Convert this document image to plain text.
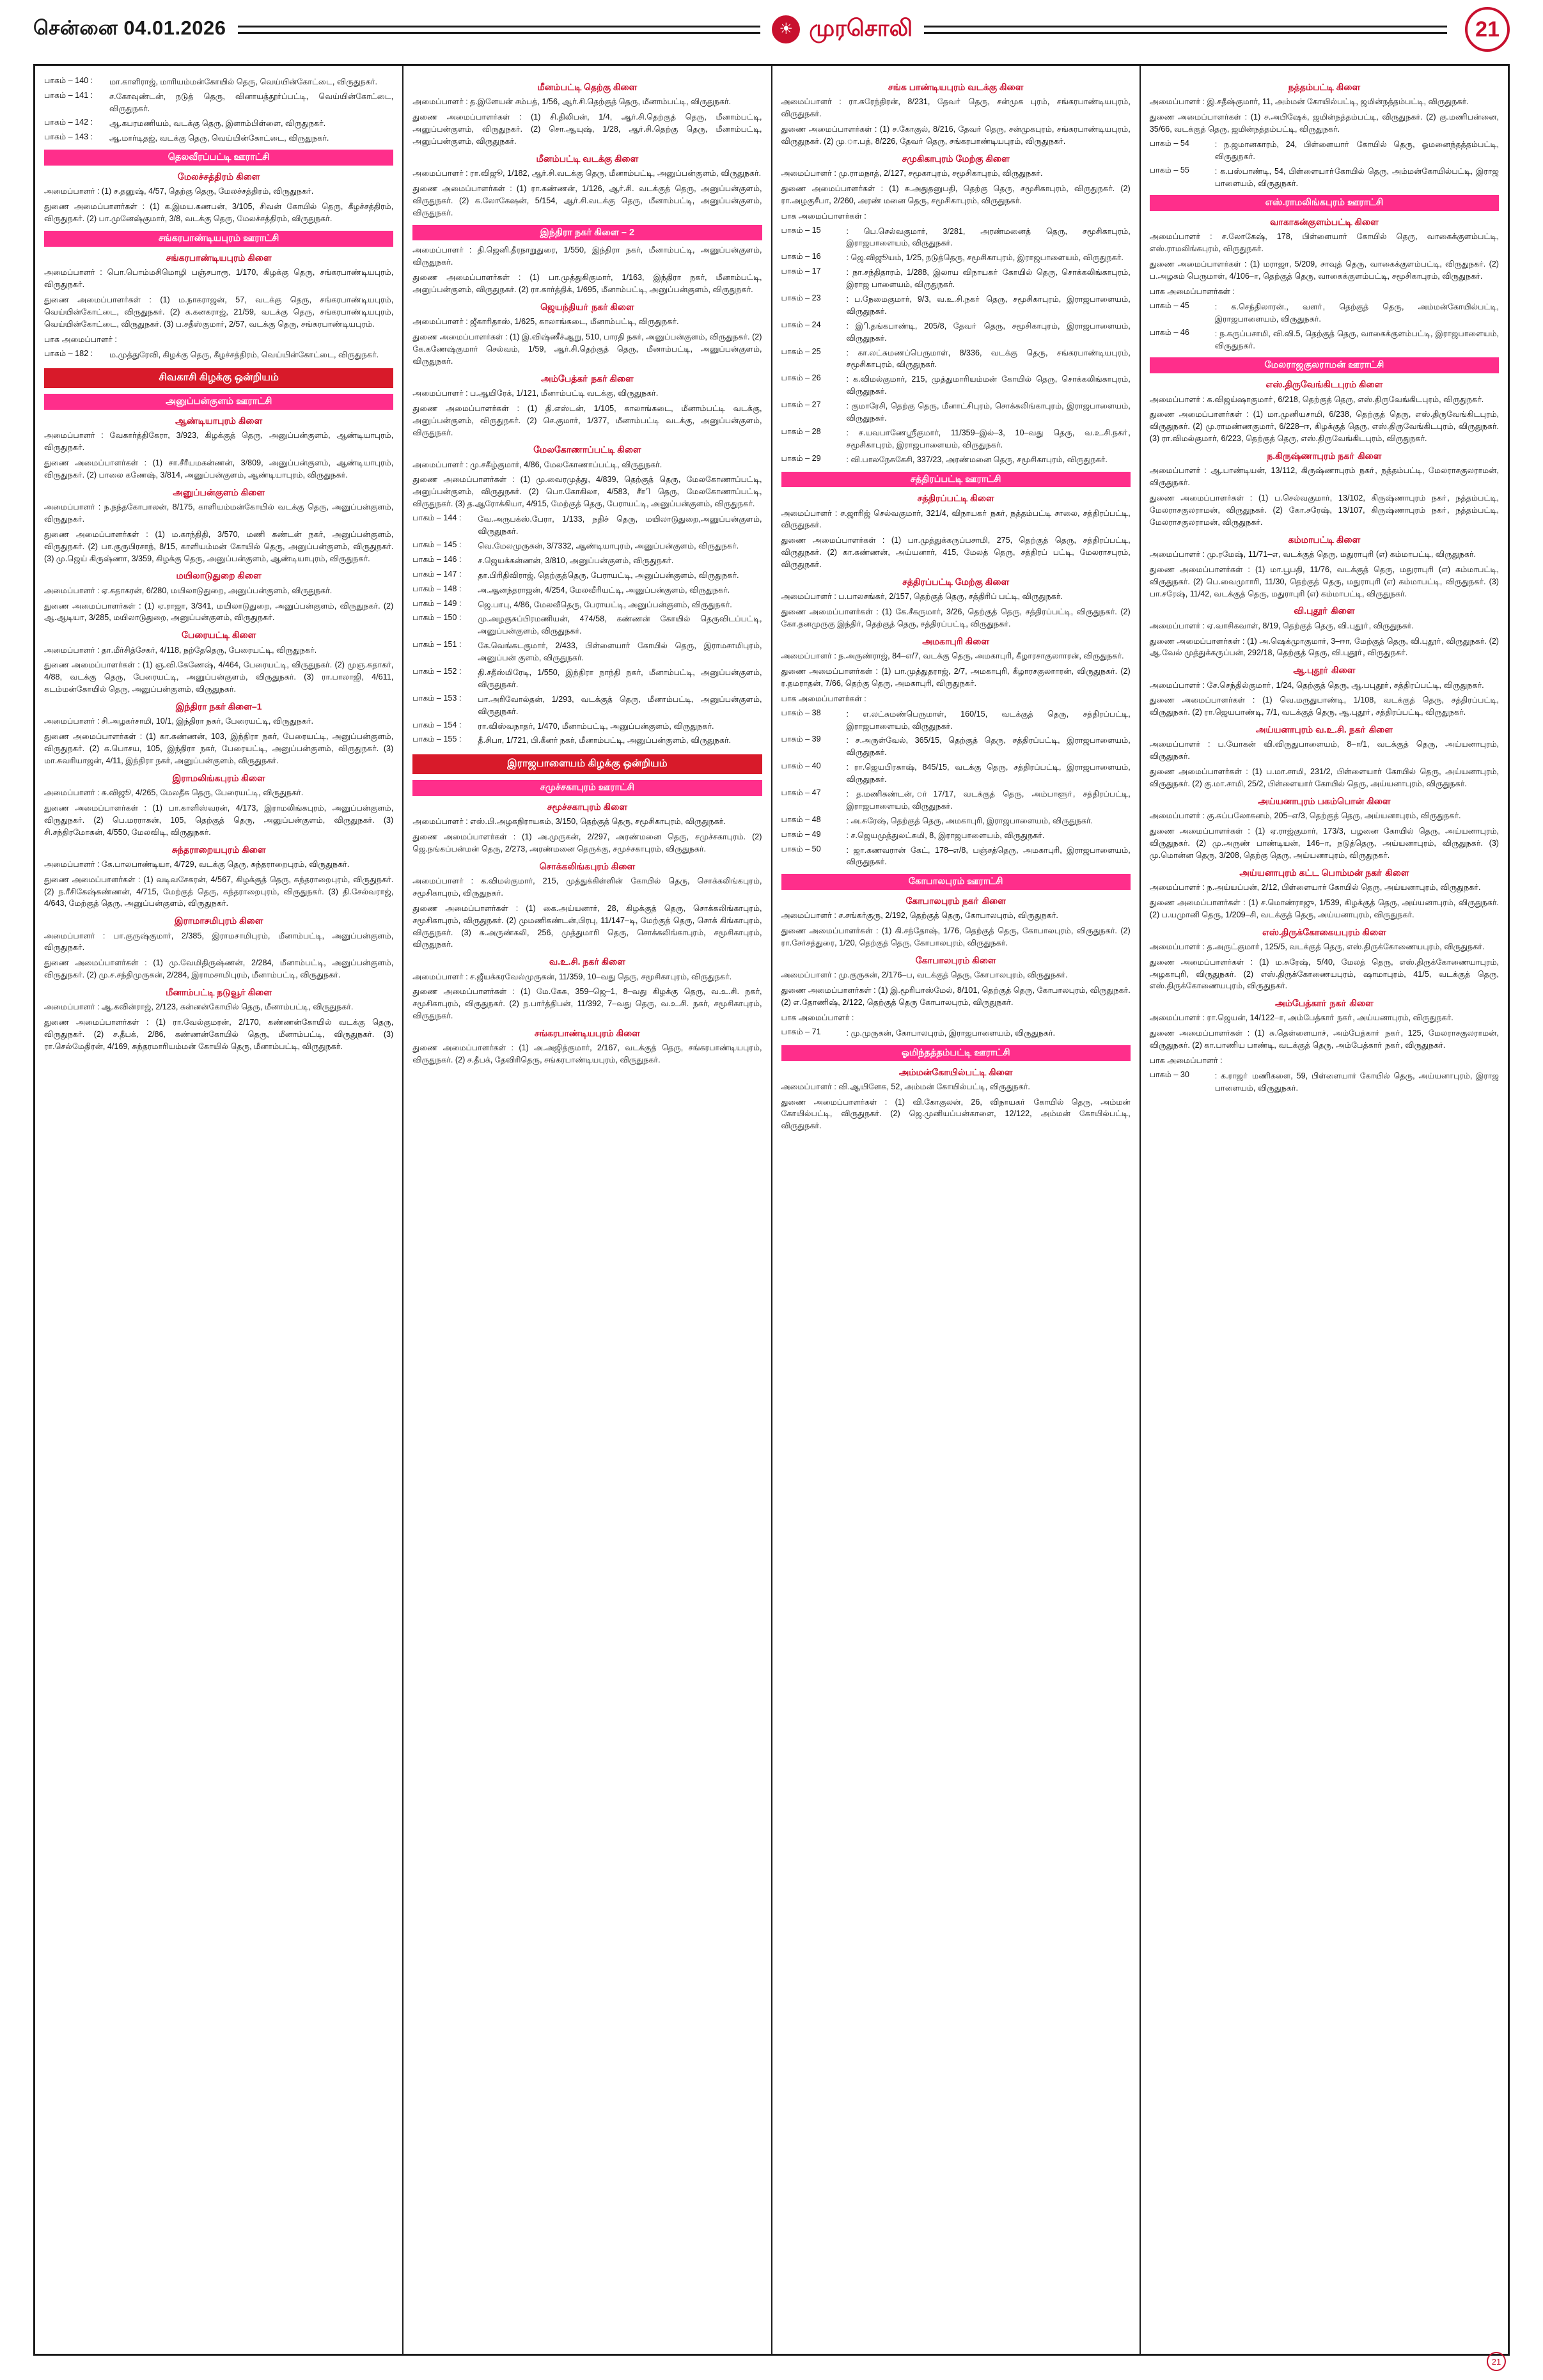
சென்னை 04.01.2026	☀ முரசொலி	21
பாகம் – 140 :	மா.காளிராஜ், மாரியம்மன்கோயில் தெரு, வெய்யின்கோட்டை, விருதுநகர்.
பாகம் – 141 :	ச.கோவுண்டன், நடுத் தெரு, வினாயத்தூர்ப்பட்டி, வெய்யின்கோட்டை, விருதுநகர்.
பாகம் – 142 :	ஆ.கபரமணியம், வடக்கு தெரு, இளாம்பிள்ளை, விருதுநகர்.
பாகம் – 143 :	ஆ.மார்டிதஜ், வடக்கு தெரு, வெய்யின்கோட்டை, விருதுநகர்.
தெலவீரப்பட்டி ஊராட்சி
மேலச்சத்திரம் கிளை
அமைப்பாளர் : (1) ச.தனுஷ், 4/57, தெற்கு தெரு, மேலச்சத்திரம், விருதுநகர்.
துணை அமைப்பாளர்கள் : (1) க.இமய.கணபன், 3/105, சிவன் கோயில் தெரு, கீழச்சத்திரம், விருதுநகர். (2) பா.முனேஷ்குமார், 3/8, வடக்கு தெரு, மேலச்சத்திரம், விருதுநகர்.
சங்கரபாண்டியபுரம் ஊராட்சி
சங்கரபாண்டியபுரம் கிளை
அமைப்பாளர் : பொ.பொம்மசிமொழி பஞ்சபாரூ, 1/170, கிழக்கு தெரு, சங்கரபாண்டியபுரம், விருதுநகர்.
துணை அமைப்பாளர்கள் : (1) ம.நாகராஜன், 57, வடக்கு தெரு, சங்கரபாண்டியபுரம், வெய்யின்கோட்டை, விருதுநகர். (2) க.கனகராஜ், 21/59, வடக்கு தெரு, சங்கரபாண்டியபுரம், வெய்யின்கோட்டை, விருதுநகர். (3) ப.சதீஸ்குமார், 2/57, வடக்கு தெரு, சங்கரபாண்டியபுரம்.
பாக அமைப்பாளர் :
பாகம் – 182 :	ம.முத்துரேவி, கிழக்கு தெரு, கீழச்சத்திரம், வெய்யின்கோட்டை, விருதுநகர்.
சிவகாசி கிழக்கு ஒன்றியம்
அனுப்பன்குளம் ஊராட்சி
ஆண்டியாபுரம் கிளை
அமைப்பாளர் : வேகார்த்திகேரா, 3/923, கிழக்குத் தெரு, அனுப்பன்குளம், ஆண்டியாபுரம், விருதுநகர்.
துணை அமைப்பாளர்கள் : (1) சா.சீரீயமகன்ணன், 3/809, அனுப்பன்குளம், ஆண்டியாபுரம், விருதுநகர். (2) பாலை கணேஷ், 3/814, அனுப்பன்குளம், ஆண்டியாபுரம், விருதுநகர்.
அனுப்பன்குளம் கிளை
அமைப்பாளர் : ந.நந்தகோபாலன், 8/175, காளியம்மன்கோயில் வடக்கு தெரு, அனுப்பன்குளம், விருதுநகர்.
துணை அமைப்பாளர்கள் : (1) ம.காந்திதி, 3/570, மணி கண்டன் நகர், அனுப்பன்குளம், விருதுநகர். (2) பா.குருபிரசாந், 8/15, காளியம்மன் கோயில் தெரு, அனுப்பன்குளம், விருதுநகர். (3) மு.ஜெய் கிருஷ்ணா, 3/359, கிழக்கு தெரு, அனுப்பன்குளம், ஆண்டியாபுரம், விருதுநகர்.
மயிலாடுதுறை கிளை
அமைப்பாளர் : ஏ.கதாகரன், 6/280, மயிலாடுதுறை, அனுப்பன்குளம், விருதுநகர்.
துணை அமைப்பாளர்கள் : (1) ஏ.ராஜா, 3/341, மயிலாடுதுறை, அனுப்பன்குளம், விருதுநகர். (2) ஆ.ஆடியா, 3/285, மயிலாடுதுறை, அனுப்பன்குளம், விருதுநகர்.
பேரையட்டி கிளை
அமைப்பாளர் : தா.மீர்சித்சேகர், 4/118, நற்தேதெரு, பேரையட்டி, விருதுநகர்.
துணை அமைப்பாளர்கள் : (1) ஞ.வி.கேணேஷ், 4/464, பேரையட்டி, விருதுநகர். (2) முஞ.கதாகர், 4/88, வடக்கு தெரு, பேரையட்டி, அனுப்பன்குளம், விருதுநகர். (3) ரா.பாலாஜி, 4/611, கடம்மன்கோயில் தெரு, அனுப்பன்குளம், விருதுநகர்.
இந்திரா நகர் கிளை–1
அமைப்பாளர் : சி.அழகர்சாமி, 10/1, இந்திரா நகர், பேரையட்டி, விருதுநகர்.
துணை அமைப்பாளர்கள் : (1) கா.கண்ணன், 103, இந்திரா நகர், பேரையட்டி, அனுப்பன்குளம், விருதுநகர். (2) க.பொசய, 105, இந்திரா நகர், பேரையட்டி, அனுப்பன்குளம், விருதுநகர். (3) மா.சுவரியாஜன், 4/11, இந்திரா நகர், அனுப்பன்குளம், விருதுநகர்.
இராமலிங்கபுரம் கிளை
அமைப்பாளர் : சு.விஜூ, 4/265, மேலதீசு தெரு, பேரையட்டி, விருதுநகர்.
துணை அமைப்பாளர்கள் : (1) பா.காளிஸ்வரன், 4/173, இராமலிங்கபுரம், அனுப்பன்குளம், விருதுநகர். (2) பெ.மரராகன், 105, தெற்குத் தெரு, அனுப்பன்குளம், விருதுநகர். (3) சி.சந்திரமோகன், 4/550, மேலவிடி, விருதுநகர்.
சுந்தராறையபுரம் கிளை
அமைப்பாளர் : கே.பாலபாண்டியா, 4/729, வடக்கு தெரு, சுந்தராறைபுரம், விருதுநகர்.
துணை அமைப்பாளர்கள் : (1) வடிவசேகரன், 4/567, கிழக்குத் தெரு, சுந்தராறைபுரம், விருதுநகர். (2) ந.ரீசிகேஷ்கண்ணன், 4/715, மேற்குத் தெரு, சுந்தராறைபுரம், விருதுநகர். (3) தி.சேல்வராஜ், 4/643, மேற்குத் தெரு, அனுப்பன்குளம், விருதுநகர்.
இராமாசமிபுரம் கிளை
அமைப்பாளர் : பா.குருஷ்குமார், 2/385, இராமசாமிபுரம், மீனாம்பட்டி, அனுப்பன்குளம், விருதுநகர்.
துணை அமைப்பாளர்கள் : (1) மு.வேமிதிருஷ்ணன், 2/284, மீனாம்பட்டி, அனுப்பன்குளம், விருதுநகர். (2) மு.ச.சந்திமுருகன், 2/284, இராமசாமிபுரம், மீனாம்பட்டி, விருதுநகர்.
மீனாம்பட்டி நடுவூர் கிளை
அமைப்பாளர் : ஆ.கவின்ராஜ், 2/123, கன்னன்கோயில் தெரு, மீனாம்பட்டி, விருதுநகர்.
துணை அமைப்பாளர்கள் : (1) ரா.வேல்குமரன், 2/170, கண்ணன்கோயில் வடக்கு தெரு, விருதுநகர். (2) ச.தீபக், 2/86, கண்ணன்கோயில் தெரு, மீனாம்பட்டி, விருதுநகர். (3) ரா.செல்மேதிரன், 4/169, சுந்தரமாரியம்மன் கோயில் தெரு, மீனாம்பட்டி, விருதுநகர்.
மீனம்பட்டி தெற்கு கிளை
அமைப்பாளர் : த.இளேயன் சம்பத், 1/56, ஆர்.சி.தெற்குத் தெரு, மீனாம்பட்டி, விருதுநகர்.
துணை அமைப்பாளர்கள் : (1) சி.திலிபன், 1/4, ஆர்.சி.தெற்குத் தெரு, மீனாம்பட்டி, அனுப்பன்குளம், விருதுநகர். (2) சொ.ஆயுஷ், 1/28, ஆர்.சி.தெற்கு தெரு, மீனாம்பட்டி, அனுப்பன்குளம், விருதுநகர்.
மீனம்பட்டி வடக்கு கிளை
அமைப்பாளர் : ரா.விஜூ, 1/182, ஆர்.சி.வடக்கு தெரு, மீனாம்பட்டி, அனுப்பன்குளம், விருதுநகர்.
துணை அமைப்பாளர்கள் : (1) ரா.கண்ணன், 1/126, ஆர்.சி. வடக்குத் தெரு, அனுப்பன்குளம், விருதுநகர். (2) க.லோகேஷன், 5/154, ஆர்.சி.வடக்கு தெரு, மீனாம்பட்டி, அனுப்பன்குளம், விருதுநகர்.
இந்திரா நகர் கிளை – 2
அமைப்பாளர் : தி.ஜெனி.தீரநாறுதுரை, 1/550, இந்திரா நகர், மீனாம்பட்டி, அனுப்பன்குளம், விருதுநகர்.
துணை அமைப்பாளர்கள் : (1) பா.முத்துகிகுமார், 1/163, இந்திரா நகர், மீனாம்பட்டி, அனுப்பன்குளம், விருதுநகர். (2) ரா.கார்த்திக், 1/695, மீனாம்பட்டி, அனுப்பன்குளம், விருதுநகர்.
ஜெயந்தியா் நகர் கிளை
அமைப்பாளர் : ஜீகாரிதாஸ், 1/625, காலாங்கடை, மீனாம்பட்டி, விருதுநகர்.
துணை அமைப்பாளர்கள் : (1) இ.விஷ்ணீச்ஆறு, 510, பாரதி நகர், அனுப்பன்குளம், விருதுநகர். (2) கே.கணேஷ்குமார் செல்வம், 1/59, ஆர்.சி.தெற்குத் தெரு, மீனாம்பட்டி, அனுப்பன்குளம், விருதுநகர்.
அம்பேத்கா் நகர் கிளை
அமைப்பாளர் : ப.ஆயிரேக், 1/121, மீனாம்பட்டி வடக்கு, விருதுநகர்.
துணை அமைப்பாளர்கள் : (1) தி.எஸ்டன், 1/105, காலாங்கடை, மீனாம்பட்டி வடக்கு, அனுப்பன்குளம், விருதுநகர். (2) செ.குமார், 1/377, மீனாம்பட்டி வடக்கு, அனுப்பன்குளம், விருதுநகர்.
மேலகோணாப்பட்டி கிளை
அமைப்பாளர் : மு.சகீழ்குமார், 4/86, மேலகோணாப்பட்டி, விருதுநகர்.
துணை அமைப்பாளர்கள் : (1) மு.வைரமுத்து, 4/839, தெற்குத் தெரு, மேலகோணாப்பட்டி, அனுப்பன்குளம், விருதுநகர். (2) பொ.கோகிலா, 4/583, சாிீ தெரு, மேலகோணாப்பட்டி, விருதுநகர். (3) த.ஆரோக்கியா, 4/915, மேற்குத் தெரு, பேராயட்டி, அனுப்பன்குளம், விருதுநகர்.
பாகம் – 144 :	வே.அருபக்ஸ்.பேரா, 1/133, நதிச் தெரு, மயிலாடுதுறை,அனுப்பன்குளம், விருதுநகர்.
பாகம் – 145 :	வெ.மேலமுருகன், 3/7332, ஆண்டியாபுரம், அனுப்பன்குளம், விருதுநகர்.
பாகம் – 146 :	ச.ஜெயக்கன்ணன், 3/810, அனுப்பன்குளம், விருதுநகர்.
பாகம் – 147 :	தா.பிரிதிவிராஜ், தெற்குத்தெரு, பேராயட்டி, அனுப்பன்குளம், விருதுநகர்.
பாகம் – 148 :	அ.ஆனந்தராஜன், 4/254, மேலவீரியட்டி, அனுப்பன்குளம், விருதுநகர்.
பாகம் – 149 :	ஜெ.பாபு, 4/86, மேலவீதெரு, பேராயட்டி, அனுப்பன்குளம், விருதுநகர்.
பாகம் – 150 :	மு.அழகுசுப்பிரமணியன், 474/58, கண்ணன் கோயில் தெருவிடப்பட்டி, அனுப்பன்குளம், விருதுநகர்.
பாகம் – 151 :	கே.வெங்கடகுமார், 2/433, பிள்ளையார் கோயில் தெரு, இராமசாமிபுரம், அனுப்பன் குளம், விருதுநகர்.
பாகம் – 152 :	தி.சதீஸ்மிரேடி, 1/550, இந்திரா நாந்தி நகர், மீனாம்பட்டி, அனுப்பன்குளம், விருதுநகர்.
பாகம் – 153 :	பா.அரிவோல்தன், 1/293, வடக்குத் தெரு, மீனாம்பட்டி, அனுப்பன்குளம், விருதுநகர்.
பாகம் – 154 :	ரா.விஸ்வநாதர், 1/470, மீனாம்பட்டி, அனுப்பன்குளம், விருதுநகர்.
பாகம் – 155 :	தீ.சிபா, 1/721, பி.கீனர் நகர், மீனாம்பட்டி, அனுப்பன்குளம், விருதுநகர்.
இராஜபாளையம் கிழக்கு ஒன்றியம்
சமுச்சகாபுரம் ஊராட்சி
சமூச்சகாபுரம் கிளை
அமைப்பாளர் : எஸ்.பி.அழகநிராயகம், 3/150, தெற்குத் தெரு, சமூசிகாபுரம், விருதுநகர்.
துணை அமைப்பாளர்கள் : (1) அ.முருகன், 2/297, அரண்மனை தெரு, சமுச்சகாபுரம். (2) ஜெ.நங்கப்பன்மன் தெரு, 2/273, அரண்மனை தெருக்கு, சமுச்சகாபுரம், விருதுநகர்.
சொக்கலிங்கபுரம் கிளை
அமைப்பாளர் : க.விமல்குமார், 215, முத்துக்கிள்ளின் கோயில் தெரு, சொக்கலிங்கபுரம், சமூசிகாபுரம், விருதுநகர்.
துணை அமைப்பாளர்கள் : (1) கை.அய்யனார், 28, கிழக்குத் தெரு, சொக்கலிங்காபுரம், சமூசிகாபுரம், விருதுநகர். (2) முமணிகண்டன்,பிரபு, 11/147–டி, மேற்குத் தெரு, சொக் கிங்காபுரம், விருதுநகர். (3) சு.அருண்கலி, 256, முத்துமாரி தெரு, சொக்கலிங்காபுரம், சமூசிகாபுரம், விருதுநகர்.
வ.உ.சி. நகர் கிளை
அமைப்பாளர் : ச.ஜீயக்கரவேல்முருகன், 11/359, 10–வது தெரு, சமூசிகாபுரம், விருதுநகர்.
துணை அமைப்பாளர்கள் : (1) மே.கேசு, 359–ஜெ–1, 8–வது கிழக்கு தெரு, வ.உ.சி. நகர், சமூசிகாபுரம், விருதுநகர். (2) ந.பார்த்திபன், 11/392, 7–வது தெரு, வ.உ.சி. நகர், சமூசிகாபுரம், விருதுநகர்.
சங்கரபாண்டியபுரம் கிளை
துணை அமைப்பாளர்கள் : (1) அ.அஜித்குமார், 2/167, வடக்குத் தெரு, சங்கரபாண்டியபுரம், விருதுநகர். (2) ச.தீபக், தேவிரிதெரு, சங்கரபாண்டியபுரம், விருதுநகர்.
சங்க பாண்டியபுரம் வடக்கு கிளை
அமைப்பாளர் : ரா.கரேந்திரன், 8/231, தேவா் தெரு, சன்முக புரம், சங்கரபாண்டியபுரம், விருதுநகர்.
துணை அமைப்பாளர்கள் : (1) ச.கோகுல், 8/216, தேவா் தெரு, சன்முகபுரம், சங்கரபாண்டியபுரம், விருதுநகர். (2) மு.ா.பத், 8/226, தேவா் தெரு, சங்கரபாண்டியபுரம், விருதுநகர்.
சமுகிகாபுரம் மேற்கு கிளை
அமைப்பாளர் : மு.ராமநாத், 2/127, சமூகாபுரம், சமூசிகாபுரம், விருதுநகர்.
துணை அமைப்பாளர்கள் : (1) சு.அதுதனுபதி, தெற்கு தெரு, சமூசிகாபுரம், விருதுநகர். (2) ரா.அழகுசீபா, 2/260, அரண் மனை தெரு, சமூசிகாபுரம், விருதுநகர்.
பாக அமைப்பாளர்கள் :
பாகம் – 15	: பெ.செல்வகுமார், 3/281, அரண்மனைத் தெரு, சமூசிகாபுரம், இராஜபாளையம், விருதுநகர்.
பாகம் – 16	: ஜெ.விஜூயம், 1/25, நடுத்தெரு, சமூசிகாபுரம், இராஜபாளையம், விருதுநகர்.
பாகம் – 17	: நா.சந்திதாரம், 1/288, இலாய விநாயகா் கோயில் தெரு, சொக்கலிங்காபுரம், இராஜ பாளையம், விருதுநகர்.
பாகம் – 23	: ப.நேமைகுமார், 9/3, வ.உ.சி.நகா் தெரு, சமூசிகாபுரம், இராஜபாளையம், விருதுநகர்.
பாகம் – 24	: இி.தங்கபாண்டி, 205/8, தேவா் தெரு, சமூசிகாபுரம், இராஜபாளையம், விருதுநகர்.
பாகம் – 25	: கா.லட்சுமணப்பெருமாள், 8/336, வடக்கு தெரு, சங்கரபாண்டியபுரம், சமூசிகாபுரம், விருதுநகர்.
பாகம் – 26	: க.விமல்குமார், 215, முத்துமாரியம்மன் கோயில் தெரு, சொக்கலிங்காபுரம், விருதுநகர்.
பாகம் – 27	: குமாரேசி, தெற்கு தெரு, மீனாட்சிபுரம், சொக்கலிங்காபுரம், இராஜபாளையம், விருதுநகர்.
பாகம் – 28	: ச.யவபாணேஸ்ரீகுமார், 11/359–இல்–3, 10–வது தெரு, வ.உ.சி.நகா், சமூசிகாபுரம், இராஜபாளையம், விருதுநகர்.
பாகம் – 29	: வி.பாலநேசுகேசி, 337/23, அரண்மனை தெரு, சமூசிகாபுரம், விருதுநகர்.
சத்திரப்பட்டி ஊராட்சி
சத்திரப்பட்டி கிளை
அமைப்பாளர் : ச.ஜாரிஜ் செல்வகுமார், 321/4, விநாயகா் நகர், நத்தம்பட்டி சாலை, சத்திரப்பட்டி, விருதுநகர்.
துணை அமைப்பாளர்கள் : (1) பா.முத்துக்கருப்பசாமி, 275, தெற்குத் தெரு, சத்திரப்பட்டி, விருதுநகர். (2) கா.கண்ணன், அய்யனார், 415, மேலத் தெரு, சத்திரப் பட்டி, மேலராசபுரம், விருதுநகர்.
சத்திரப்பட்டி மேற்கு கிளை
அமைப்பாளர் : ப.பாலசங்கர், 2/157, தெற்குத் தெரு, சத்திரிப் பட்டி, விருதுநகர்.
துணை அமைப்பாளர்கள் : (1) கே.சீகருமார், 3/26, தெற்குத் தெரு, சத்திரப்பட்டி, விருதுநகர். (2) கோ.தனமுருகு இந்திர், தெற்குத் தெரு, சத்திரப்பட்டி, விருதுநகர்.
அமகாபுரி கிளை
அமைப்பாளர் : ந.அருண்ராஜ், 84–எ/7, வடக்கு தெரு, அமகாபுரி, கீழாரசாகுலாாரன், விருதுநகர்.
துணை அமைப்பாளர்கள் : (1) பா.முத்துதராஜ், 2/7, அமகாபுரி, கீழாரசகுலாாரன், விருதுநகர். (2) ர.தமராதன், 7/66, தெற்கு தெரு, அமகாபுரி, விருதுநகர்.
பாக அமைப்பாளர்கள் :
பாகம் – 38	: எ.லட்சுமண்பெருமாள், 160/15, வடக்குத் தெரு, சத்திரப்பட்டி, இராஜபாளையம், விருதுநகர்.
பாகம் – 39	: ச.அருள்வேல், 365/15, தெற்குத் தெரு, சத்திரப்பட்டி, இராஜபாளையம், விருதுநகர்.
பாகம் – 40	: ரா.ஜெயபிரகாஷ், 845/15, வடக்கு தெரு, சத்திரப்பட்டி, இராஜபாளையம், விருதுநகர்.
பாகம் – 47	: த.மணிகண்டன், ா்17/17, வடக்குத் தெரு, அம்பாளூா், சத்திரப்பட்டி, இராஜபாளையம், விருதுநகர்.
பாகம் – 48	: அ.சுரேஷ், தெற்குத் தெரு, அமகாபுரி, இராஜபாளையம், விருதுநகர்.
பாகம் – 49	: ச.ஜெயமுத்துலட்சுமி, 8, இராஜபாளையம், விருதுநகர்.
பாகம் – 50	: ஜா.கணவரான் கேட், 178–எ/8, பஞ்சத்தெரு, அமகாபுரி, இராஜபாளையம், விருதுநகர்.
கோபாலபுரம் ஊராட்சி
கோபாலபுரம் நகா் கிளை
அமைப்பாளர் : ச.சங்கர்குரு, 2/192, தெற்குத் தெரு, கோபாலபுரம், விருதுநகர்.
துணை அமைப்பாளர்கள் : (1) கி.சந்தோஷ், 1/76, தெற்குத் தெரு, கோபாலபுரம், விருதுநகர். (2) ரா.சேர்சத்துரை, 1/20, தெற்குத் தெரு, கோபாலபுரம், விருதுநகர்.
கோபாலபுரம் கிளை
அமைப்பாளர் : மு.குருகன், 2/176–ப, வடக்குத் தெரு, கோபாலபுரம், விருதுநகர்.
துணை அமைப்பாளர்கள் : (1) இ.மூரிபாஸ்மேல், 8/101, தெற்குத் தெரு, கோபாலபுரம், விருதுநகர். (2) எ.தோணிஷ், 2/122, தெற்குத் தெரு கோபாலபுரம், விருதுநகர்.
பாக அமைப்பாளர் :
பாகம் – 71	: மு.முருகன், கோபாலபுரம், இராஜபாளையம், விருதுநகர்.
ஓமிந்தத்தம்பட்டி ஊராட்சி
அம்மன்கோயில்பட்டி கிளை
அமைப்பாளர் : வி.ஆயிளேக, 52, அம்மன் கோயில்பட்டி, விருதுநகர்.
துணை அமைப்பாளர்கள் : (1) வி.கோகுலன், 26, விநாயகா் கோயில் தெரு, அம்மன் கோயில்பட்டி, விருதுநகர். (2) ஜெ.முனியப்பன்காளை, 12/122, அம்மன் கோயில்பட்டி, விருதுநகர்.
நத்தம்பட்டி கிளை
அமைப்பாளர் : இ.சதீஷ்குமார், 11, அம்மன் கோயில்பட்டி, ஜமின்நத்தம்பட்டி, விருதுநகர்.
துணை அமைப்பாளர்கள் : (1) ச.அபிஷேக், ஜமின்நத்தம்பட்டி, விருதுநகர். (2) கு.மணிபன்னை, 35/66, வடக்குத் தெரு, ஜமின்நத்தம்பட்டி, விருதுநகர்.
பாகம் – 54	: ந.ஜமானகாரம், 24, பிள்ளையாா் கோயில் தெரு, ஓமனைந்தத்தம்பட்டி, விருதுநகர்.
பாகம் – 55	: க.பஸ்பாண்டி, 54, பிள்ளையாா்கோயில் தெரு, அம்மன்கோயில்பட்டி, இராஜ பாளையம், விருதுநகர்.
எஸ்.ராமலிங்கபுரம் ஊராட்சி
வாகாகன்குளம்பட்டி கிளை
அமைப்பாளர் : ச.லோகேஷ், 178, பிள்ளையார் கோயில் தெரு, வாகைக்குளம்பட்டி, எஸ்.ராமலிங்கபுரம், விருதுநகர்.
துணை அமைப்பாளர்கள் : (1) மராஜா, 5/209, சாவுத் தெரு, வாகைக்குளம்பட்டி, விருதுநகர். (2) ப.அழகம் பெருமாள், 4/106–ா, தெற்குத் தெரு, வாகைக்குளம்பட்டி, சமூசிகாபுரம், விருதுநகர்.
பாக அமைப்பாளர்கள் :
பாகம் – 45	: க.செந்திலாரன்., வளா், தெற்குத் தெரு, அம்மன்கோயில்பட்டி, இராஜபாளையம், விருதுநகர்.
பாகம் – 46	: ந.கருப்பசாமி, வி.வி.5, தெற்குத் தெரு, வாகைக்குளம்பட்டி, இராஜபாளையம், விருதுநகர்.
மேலராஜகுலராமன் ஊராட்சி
எஸ்.திருவேங்கிடபுரம் கிளை
அமைப்பாளர் : க.விஜய்ஷாகுமாா், 6/218, தெற்குத் தெரு, எஸ்.திருவேங்கிடபுரம், விருதுநகர்.
துணை அமைப்பாளர்கள் : (1) மா.முனியசாமி, 6/238, தெற்குத் தெரு, எஸ்.திருவேங்கிடபுரம், விருதுநகர். (2) மு.ராமண்ணகுமார், 6/228–ஈ, கிழக்குத் தெரு, எஸ்.திருவேங்கிடபுரம், விருதுநகர். (3) ரா.விமல்குமார், 6/223, தெற்குத் தெரு, எஸ்.திருவேங்கிடபுரம், விருதுநகர்.
ந.கிருஷ்ணாபுரம் நகா் கிளை
அமைப்பாளர் : ஆ.பாண்டியன், 13/112, கிருஷ்ணாபுரம் நகா், நத்தம்பட்டி, மேலராசகுலராமன், விருதுநகர்.
துணை அமைப்பாளர்கள் : (1) ப.செல்வகுமார், 13/102, கிருஷ்ணாபுரம் நகா், நத்தம்பட்டி, மேலராசகுலராமன், விருதுநகர். (2) கோ.சரேஷ், 13/107, கிருஷ்ணாபுரம் நகா், நத்தம்பட்டி, மேலராசகுலராமன், விருதுநகர்.
கம்மாபட்டி கிளை
அமைப்பாளர் : மு.ரமேஷ், 11/71–எ, வடக்குத் தெரு, மதுராபுரி (எ) கம்மாபட்டி, விருதுநகர்.
துணை அமைப்பாளர்கள் : (1) மா.பூபதி, 11/76, வடக்குத் தெரு, மதுராபுரி (எ) கம்மாபட்டி, விருதுநகர். (2) பெ.வைமுாாரி, 11/30, தெற்குத் தெரு, மதுராபுரி (எ) கம்மாபட்டி, விருதுநகர். (3) பா.சரேஷ், 11/42, வடக்குத் தெரு, மதுராபுரி (எ) கம்மாபட்டி, விருதுநகர்.
வி.புதூா் கிளை
அமைப்பாளர் : ஏ.வாசிகவாள், 8/19, தெற்குத் தெரு, வி.புதூா், விருதுநகர்.
துணை அமைப்பாளர்கள் : (1) அ.ஷெக்முாகுமார், 3–ஈா, மேற்குத் தெரு, வி.புதூா், விருதுநகர். (2) ஆ.வேல் முத்துக்கருப்பன், 292/18, தெற்குத் தெரு, வி.புதூா், விருதுநகர்.
ஆ.புதூா் கிளை
அமைப்பாளர் : சே.செந்தில்குமாா், 1/24, தெற்குத் தெரு, ஆ.பபுதூா், சத்திரப்பட்டி, விருதுநகர்.
துணை அமைப்பாளர்கள் : (1) வெ.மருதுபாண்டி, 1/108, வடக்குத் தெரு, சத்திரப்பட்டி, விருதுநகர். (2) ரா.ஜெயபாண்டி, 7/1, வடக்குத் தெரு, ஆ.புதூா், சத்திரப்பட்டி, விருதுநகர்.
அய்யனாபுரம் வ.உ.சி. நகா் கிளை
அமைப்பாளர் : ப.யோகன் வி.விருதுபாளையம், 8–ா/1, வடக்குத் தெரு, அய்யனாபுரம், விருதுநகர்.
துணை அமைப்பாளர்கள் : (1) ப.மா.சாமி, 231/2, பிள்ளையார் கோயில் தெரு, அய்யனாபுரம், விருதுநகர். (2) கு.மா.சாமி, 25/2, பிள்ளையார் கோயில் தெரு, அய்யனாபுரம், விருதுநகர்.
அய்யனாபுரம் பகம்பொன் கிளை
அமைப்பாளர் : கு.சுப்பலோகனம், 205–எ/3, தெற்குத் தெரு, அய்யனாபுரம், விருதுநகர்.
துணை அமைப்பாளர்கள் : (1) ஏ.ராஜ்குமார், 173/3, பழனை கோயில் தெரு, அய்யனாபுரம், விருதுநகர். (2) மு.அருண் பாண்டியன், 146–ா, நடுத்தெரு, அய்யனாபுரம், விருதுநகர். (3) மு.மொன்ன தெரு, 3/208, தெற்கு தெரு, அய்யனாபுரம், விருதுநகர்.
அய்யனாபுரம் கட்ட பொம்மன் நகா் கிளை
அமைப்பாளர் : ந.அய்யப்பன், 2/12, பிள்ளையார் கோயில் தெரு, அய்யனாபுரம், விருதுநகர்.
துணை அமைப்பாளர்கள் : (1) ச.மொண்ராஜு, 1/539, கிழக்குத் தெரு, அய்யனாபுரம், விருதுநகர். (2) ப.யமுானி தெரு, 1/209–சி, வடக்குத் தெரு, அய்யனாபுரம், விருதுநகர்.
எஸ்.திருக்கோகையபுரம் கிளை
அமைப்பாளர் : த.அருட்குமாா், 125/5, வடக்குத் தெரு, எஸ்.திருக்கோணையபுரம், விருதுநகர்.
துணை அமைப்பாளர்கள் : (1) ம.சுரேஷ், 5/40, மேலத் தெரு, எஸ்.திருக்கோணையாபுரம், அழகாபுரி, விருதுநகர். (2) எஸ்.திருக்கோணையபுரம், ஷாமாபுரம், 41/5, வடக்குத் தெரு, எஸ்.திருக்கோணையபுரம், விருதுநகர்.
அம்பேத்காா் நகா் கிளை
அமைப்பாளர் : ரா.ஜெயன், 14/122–ா, அம்பேத்காா் நகா், அய்யனாபுரம், விருதுநகர்.
துணை அமைப்பாளர்கள் : (1) சு.தெள்ளையாச், அம்பேத்காா் நகா், 125, மேலராசகுலராமன், விருதுநகர். (2) கா.பாணிய பாண்டி, வடக்குத் தெரு, அம்பேத்காா் நகா், விருதுநகர்.
பாக அமைப்பாளர் :
பாகம் – 30	: க.ராஜா் மணிகளை, 59, பிள்ளையார் கோயில் தெரு, அய்யனாபுரம், இராஜ பாளையம், விருதுநகர்.
21
